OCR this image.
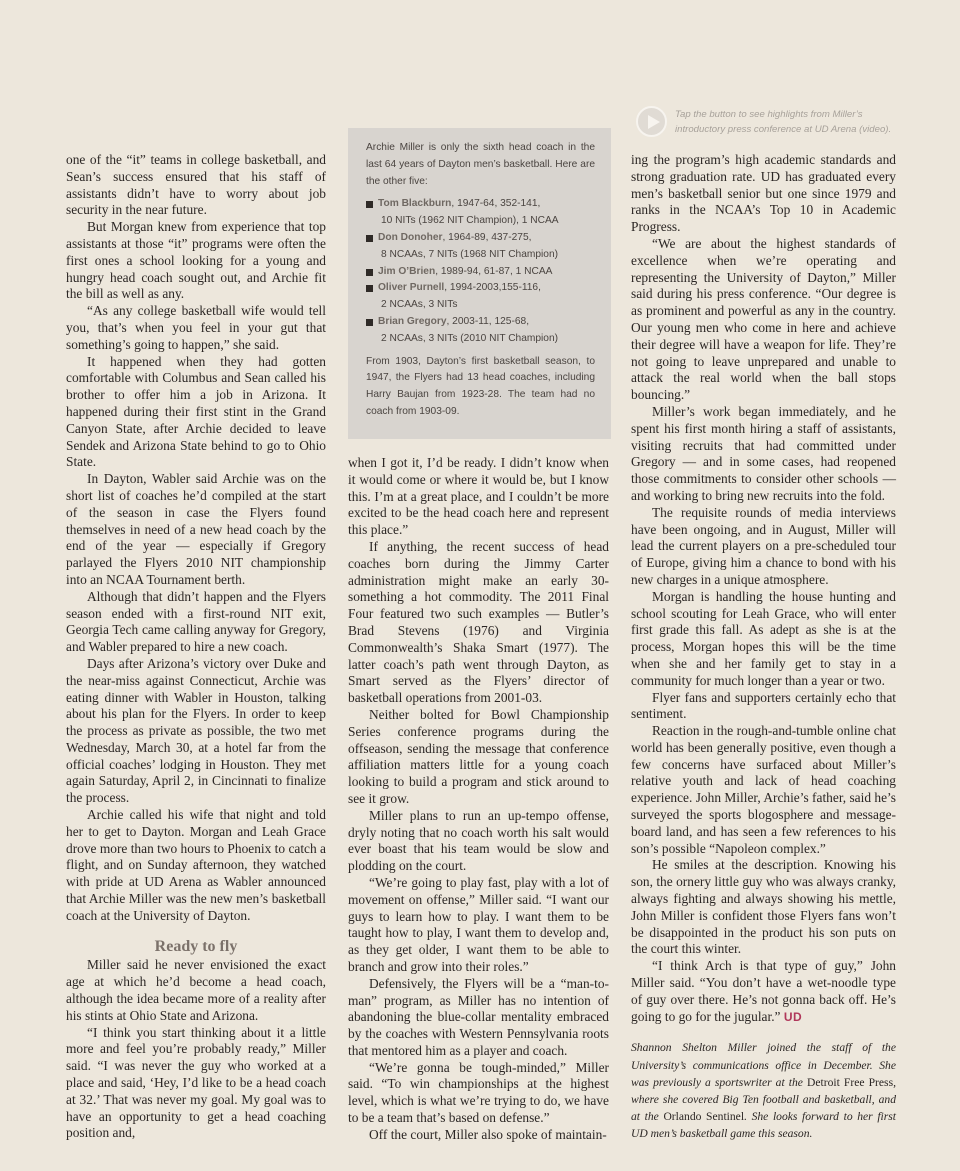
one of the “it” teams in college basketball, and Sean’s success ensured that his staff of assistants didn’t have to worry about job security in the near future.

But Morgan knew from experience that top assistants at those “it” programs were often the first ones a school looking for a young and hungry head coach sought out, and Archie fit the bill as well as any.

“As any college basketball wife would tell you, that’s when you feel in your gut that something’s going to happen,” she said.

It happened when they had gotten comfortable with Columbus and Sean called his brother to offer him a job in Arizona. It happened during their first stint in the Grand Canyon State, after Archie decided to leave Sendek and Arizona State behind to go to Ohio State.

In Dayton, Wabler said Archie was on the short list of coaches he’d compiled at the start of the season in case the Flyers found themselves in need of a new head coach by the end of the year — especially if Gregory parlayed the Flyers 2010 NIT championship into an NCAA Tournament berth.

Although that didn’t happen and the Flyers season ended with a first-round NIT exit, Georgia Tech came calling anyway for Gregory, and Wabler prepared to hire a new coach.

Days after Arizona’s victory over Duke and the near-miss against Connecticut, Archie was eating dinner with Wabler in Houston, talking about his plan for the Flyers. In order to keep the process as private as possible, the two met Wednesday, March 30, at a hotel far from the official coaches’ lodging in Houston. They met again Saturday, April 2, in Cincinnati to finalize the process.

Archie called his wife that night and told her to get to Dayton. Morgan and Leah Grace drove more than two hours to Phoenix to catch a flight, and on Sunday afternoon, they watched with pride at UD Arena as Wabler announced that Archie Miller was the new men’s basketball coach at the University of Dayton.

Ready to fly

Miller said he never envisioned the exact age at which he’d become a head coach, although the idea became more of a reality after his stints at Ohio State and Arizona.

“I think you start thinking about it a little more and feel you’re probably ready,” Miller said. “I was never the guy who worked at a place and said, ‘Hey, I’d like to be a head coach at 32.’ That was never my goal. My goal was to have an opportunity to get a head coaching position and,

Archie Miller is only the sixth head coach in the last 64 years of Dayton men’s basketball. Here are the other five:

Tom Blackburn, 1947-64, 352-141,
10 NITs (1962 NIT Champion), 1 NCAA
Don Donoher, 1964-89, 437-275,
8 NCAAs, 7 NITs (1968 NIT Champion)
Jim O’Brien, 1989-94, 61-87, 1 NCAA
Oliver Purnell, 1994-2003,155-116,
2 NCAAs, 3 NITs
Brian Gregory, 2003-11, 125-68,
2 NCAAs, 3 NITs (2010 NIT Champion)

From 1903, Dayton’s first basketball season, to 1947, the Flyers had 13 head coaches, including Harry Baujan from 1923-28. The team had no coach from 1903-09.

Tap the button to see highlights from Miller’s introductory press conference at UD Arena (video).

when I got it, I’d be ready. I didn’t know when it would come or where it would be, but I know this. I’m at a great place, and I couldn’t be more excited to be the head coach here and represent this place.”

If anything, the recent success of head coaches born during the Jimmy Carter administration might make an early 30-something a hot commodity. The 2011 Final Four featured two such examples — Butler’s Brad Stevens (1976) and Virginia Commonwealth’s Shaka Smart (1977). The latter coach’s path went through Dayton, as Smart served as the Flyers’ director of basketball operations from 2001-03.

Neither bolted for Bowl Championship Series conference programs during the offseason, sending the message that conference affiliation matters little for a young coach looking to build a program and stick around to see it grow.

Miller plans to run an up-tempo offense, dryly noting that no coach worth his salt would ever boast that his team would be slow and plodding on the court.

“We’re going to play fast, play with a lot of movement on offense,” Miller said. “I want our guys to learn how to play. I want them to be taught how to play, I want them to develop and, as they get older, I want them to be able to branch and grow into their roles.”

Defensively, the Flyers will be a “man-to-man” program, as Miller has no intention of abandoning the blue-collar mentality embraced by the coaches with Western Pennsylvania roots that mentored him as a player and coach.

“We’re gonna be tough-minded,” Miller said. “To win championships at the highest level, which is what we’re trying to do, we have to be a team that’s based on defense.”

Off the court, Miller also spoke of maintain-

ing the program’s high academic standards and strong graduation rate. UD has graduated every men’s basketball senior but one since 1979 and ranks in the NCAA’s Top 10 in Academic Progress.

“We are about the highest standards of excellence when we’re operating and representing the University of Dayton,” Miller said during his press conference. “Our degree is as prominent and powerful as any in the country. Our young men who come in here and achieve their degree will have a weapon for life. They’re not going to leave unprepared and unable to attack the real world when the ball stops bouncing.”

Miller’s work began immediately, and he spent his first month hiring a staff of assistants, visiting recruits that had committed under Gregory — and in some cases, had reopened those commitments to consider other schools — and working to bring new recruits into the fold.

The requisite rounds of media interviews have been ongoing, and in August, Miller will lead the current players on a pre-scheduled tour of Europe, giving him a chance to bond with his new charges in a unique atmosphere.

Morgan is handling the house hunting and school scouting for Leah Grace, who will enter first grade this fall. As adept as she is at the process, Morgan hopes this will be the time when she and her family get to stay in a community for much longer than a year or two.

Flyer fans and supporters certainly echo that sentiment.

Reaction in the rough-and-tumble online chat world has been generally positive, even though a few concerns have surfaced about Miller’s relative youth and lack of head coaching experience. John Miller, Archie’s father, said he’s surveyed the sports blogosphere and message-board land, and has seen a few references to his son’s possible “Napoleon complex.”

He smiles at the description. Knowing his son, the ornery little guy who was always cranky, always fighting and always showing his mettle, John Miller is confident those Flyers fans won’t be disappointed in the product his son puts on the court this winter.

“I think Arch is that type of guy,” John Miller said. “You don’t have a wet-noodle type of guy over there. He’s not gonna back off. He’s going to go for the jugular.” UD

Shannon Shelton Miller joined the staff of the University’s communications office in December. She was previously a sportswriter at the Detroit Free Press, where she covered Big Ten football and basketball, and at the Orlando Sentinel. She looks forward to her first UD men’s basketball game this season.
